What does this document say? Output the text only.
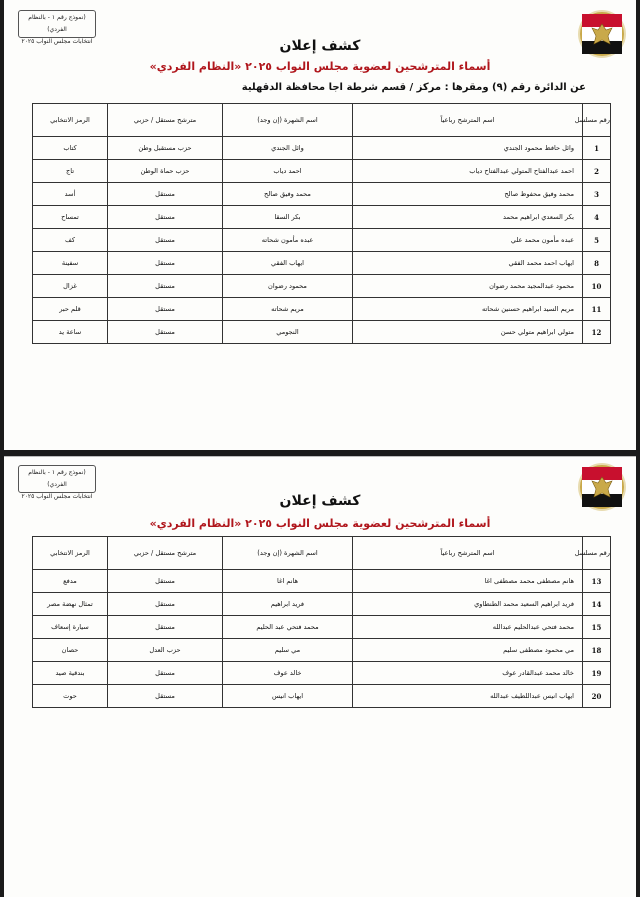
(نموذج رقم ١ - بالنظام الفردي)
انتخابات مجلس النواب ٢٠٢٥	كشف إعلان
أسماء المترشحين لعضوية مجلس النواب ٢٠٢٥ «النظام الفردي»
عن الدائرة رقم (٩) ومقرها : مركز / قسم شرطة اجا محافظة الدقهلية
رقم مسلسل	اسم المترشح رباعياً	اسم الشهرة (إن وجد)	مترشح مستقل / حزبي	الرمز الانتخابي
1	وائل حافظ محمود الجندي	وائل الجندي	حزب مستقبل وطن	كتاب
2	احمد عبدالفتاح المتولي عبدالفتاح دياب	احمد دياب	حزب حماة الوطن	تاج
3	محمد وفيق محفوظ صالح	محمد وفيق صالح	مستقل	أسد
4	بكر السعدي ابراهيم محمد	بكر السقا	مستقل	تمساح
5	عبده مأمون محمد علي	عبده مأمون شحاته	مستقل	كف
8	ايهاب احمد محمد الفقي	ايهاب الفقي	مستقل	سفينة
10	محمود عبدالمجيد محمد رضوان	محمود رضوان	مستقل	غزال
11	مريم السيد ابراهيم حسنين شحاته	مريم شحاته	مستقل	قلم حبر
12	متولي ابراهيم متولي حسن	النجومي	مستقل	ساعة يد
(نموذج رقم ١ - بالنظام الفردي)
انتخابات مجلس النواب ٢٠٢٥	كشف إعلان
أسماء المترشحين لعضوية مجلس النواب ٢٠٢٥ «النظام الفردي»
رقم مسلسل	اسم المترشح رباعياً	اسم الشهرة (إن وجد)	مترشح مستقل / حزبي	الرمز الانتخابي
13	هانم مصطفى محمد مصطفى اغا	هانم اغا	مستقل	مدفع
14	فريد ابراهيم السعيد محمد الطنطاوي	فريد ابراهيم	مستقل	تمثال نهضة مصر
15	محمد فتحي عبدالحليم عبدالله	محمد فتحي عبد الحليم	مستقل	سيارة إسعاف
18	مي محمود مصطفى سليم	مي سليم	حزب العدل	حصان
19	خالد محمد عبدالقادر عوف	خالد عوف	مستقل	بندقية صيد
20	ايهاب انيس عبداللطيف عبدالله	ايهاب انيس	مستقل	حوت
